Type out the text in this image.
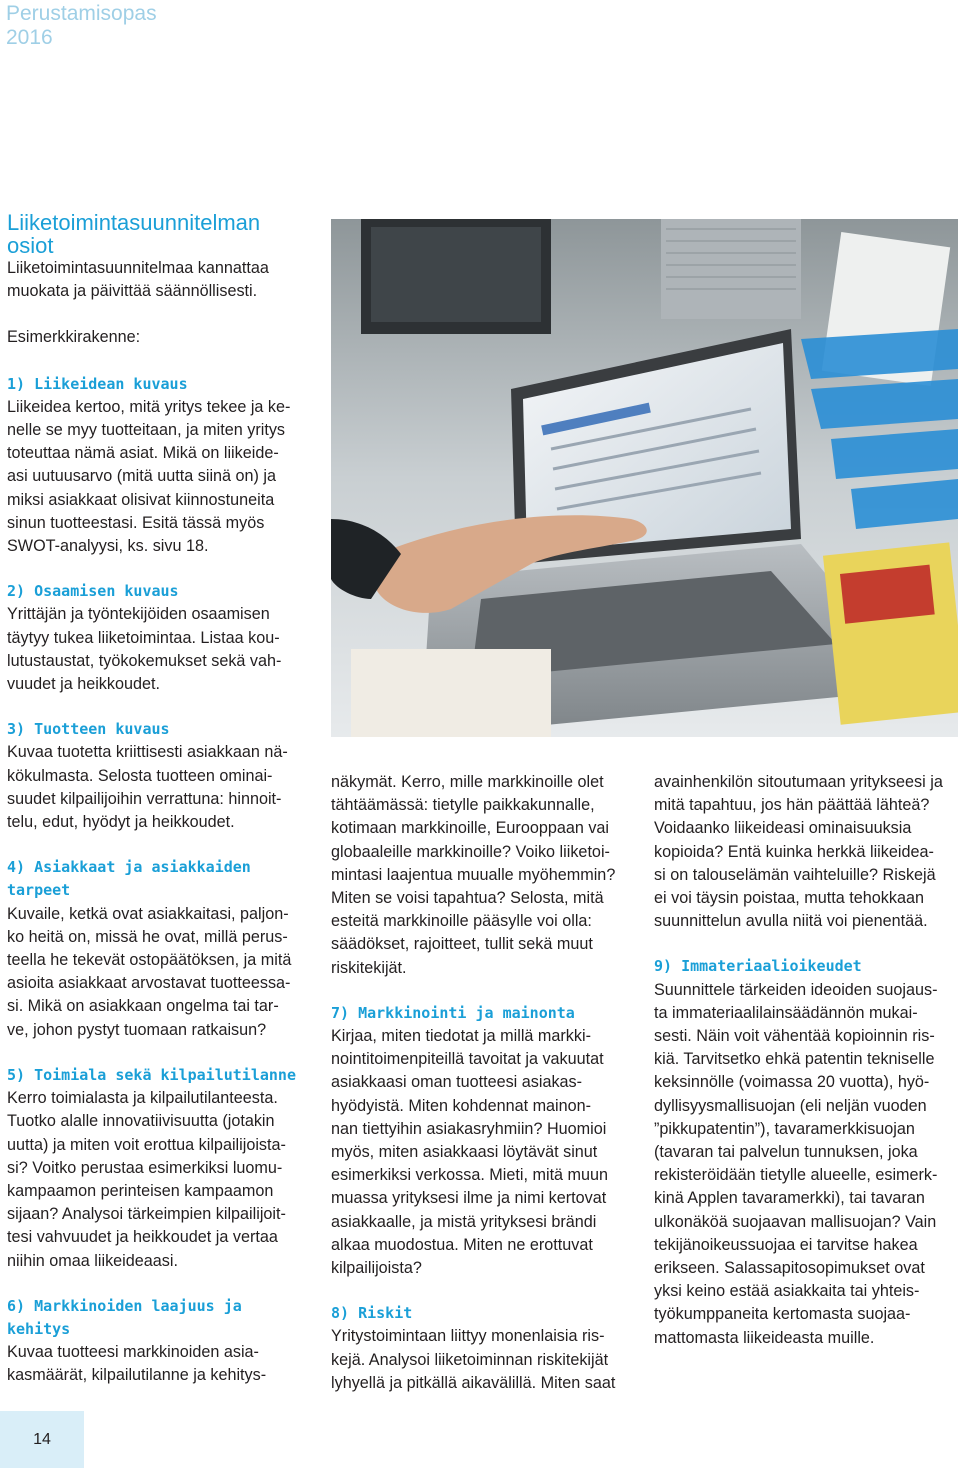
Perustamisopas
2016

Liiketoimintasuunnitelman

osiot

Liiketoimintasuunnitelmaa kannattaa
muokata ja päivittää säännöllisesti.

Esimerkkirakenne:

1) Liikeidean kuvaus
Liikeidea kertoo, mitä yritys tekee ja ke-
nelle se myy tuotteitaan, ja miten yritys
toteuttaa nämä asiat. Mikä on liikeide-
asi uutuusarvo (mitä uutta siinä on) ja
miksi asiakkaat olisivat kiinnostuneita
sinun tuotteestasi. Esitä tässä myös
SWOT-analyysi, ks. sivu 18.
2) Osaamisen kuvaus
Yrittäjän ja työntekijöiden osaamisen
täytyy tukea liiketoimintaa. Listaa kou-
lutustaustat, työkokemukset sekä vah-
vuudet ja heikkoudet.
3) Tuotteen kuvaus
Kuvaa tuotetta kriittisesti asiakkaan nä-
kökulmasta. Selosta tuotteen ominai-
suudet kilpailijoihin verrattuna: hinnoit-
telu, edut, hyödyt ja heikkoudet.
4) Asiakkaat ja asiakkaiden
tarpeet
Kuvaile, ketkä ovat asiakkaitasi, paljon-
ko heitä on, missä he ovat, millä perus-
teella he tekevät ostopäätöksen, ja mitä
asioita asiakkaat arvostavat tuotteessa-
si. Mikä on asiakkaan ongelma tai tar-
ve, johon pystyt tuomaan ratkaisun?
5) Toimiala sekä kilpailutilanne
Kerro toimialasta ja kilpailutilanteesta.
Tuotko alalle innovatiivisuutta (jotakin
uutta) ja miten voit erottua kilpailijoista-
si? Voitko perustaa esimerkiksi luomu-
kampaamon perinteisen kampaamon
sijaan? Analysoi tärkeimpien kilpailijoit-
tesi vahvuudet ja heikkoudet ja vertaa
niihin omaa liikeideaasi.
6) Markkinoiden laajuus ja
kehitys
Kuvaa tuotteesi markkinoiden asia-
kasmäärät, kilpailutilanne ja kehitys-
näkymät. Kerro, mille markkinoille olet
tähtäämässä: tietylle paikkakunnalle,
kotimaan markkinoille, Eurooppaan vai
globaaleille markkinoille? Voiko liiketoi-
mintasi laajentua muualle myöhemmin?
Miten se voisi tapahtua? Selosta, mitä
esteitä markkinoille pääsylle voi olla:
säädökset, rajoitteet, tullit sekä muut
riskitekijät.
7) Markkinointi ja mainonta
Kirjaa, miten tiedotat ja millä markki-
nointitoimenpiteillä tavoitat ja vakuutat
asiakkaasi oman tuotteesi asiakas-
hyödyistä. Miten kohdennat mainon-
nan tiettyihin asiakasryhmiin? Huomioi
myös, miten asiakkaasi löytävät sinut
esimerkiksi verkossa. Mieti, mitä muun
muassa yrityksesi ilme ja nimi kertovat
asiakkaalle, ja mistä yrityksesi brändi
alkaa muodostua. Miten ne erottuvat
kilpailijoista?
8) Riskit
Yritystoimintaan liittyy monenlaisia ris-
kejä. Analysoi liiketoiminnan riskitekijät
lyhyellä ja pitkällä aikavälillä. Miten saat
avainhenkilön sitoutumaan yritykseesi ja
mitä tapahtuu, jos hän päättää lähteä?
Voidaanko liikeideasi ominaisuuksia
kopioida? Entä kuinka herkkä liikeidea-
si on talouselämän vaihteluille? Riskejä
ei voi täysin poistaa, mutta tehokkaan
suunnittelun avulla niitä voi pienentää.
9) Immateriaalioikeudet
Suunnittele tärkeiden ideoiden suojaus-
ta immateriaalilainsäädännön mukai-
sesti. Näin voit vähentää kopioinnin ris-
kiä. Tarvitsetko ehkä patentin tekniselle
keksinnölle (voimassa 20 vuotta), hyö-
dyllisyysmallisuojan (eli neljän vuoden
”pikkupatentin”), tavaramerkkisuojan
(tavaran tai palvelun tunnuksen, joka
rekisteröidään tietylle alueelle, esimerk-
kinä Applen tavaramerkki), tai tavaran
ulkonäköä suojaavan mallisuojan? Vain
tekijänoikeussuojaa ei tarvitse hakea
erikseen. Salassapitosopimukset ovat
yksi keino estää asiakkaita tai yhteis-
työkumppaneita kertomasta suojaa-
mattomasta liikeideasta muille.
14
